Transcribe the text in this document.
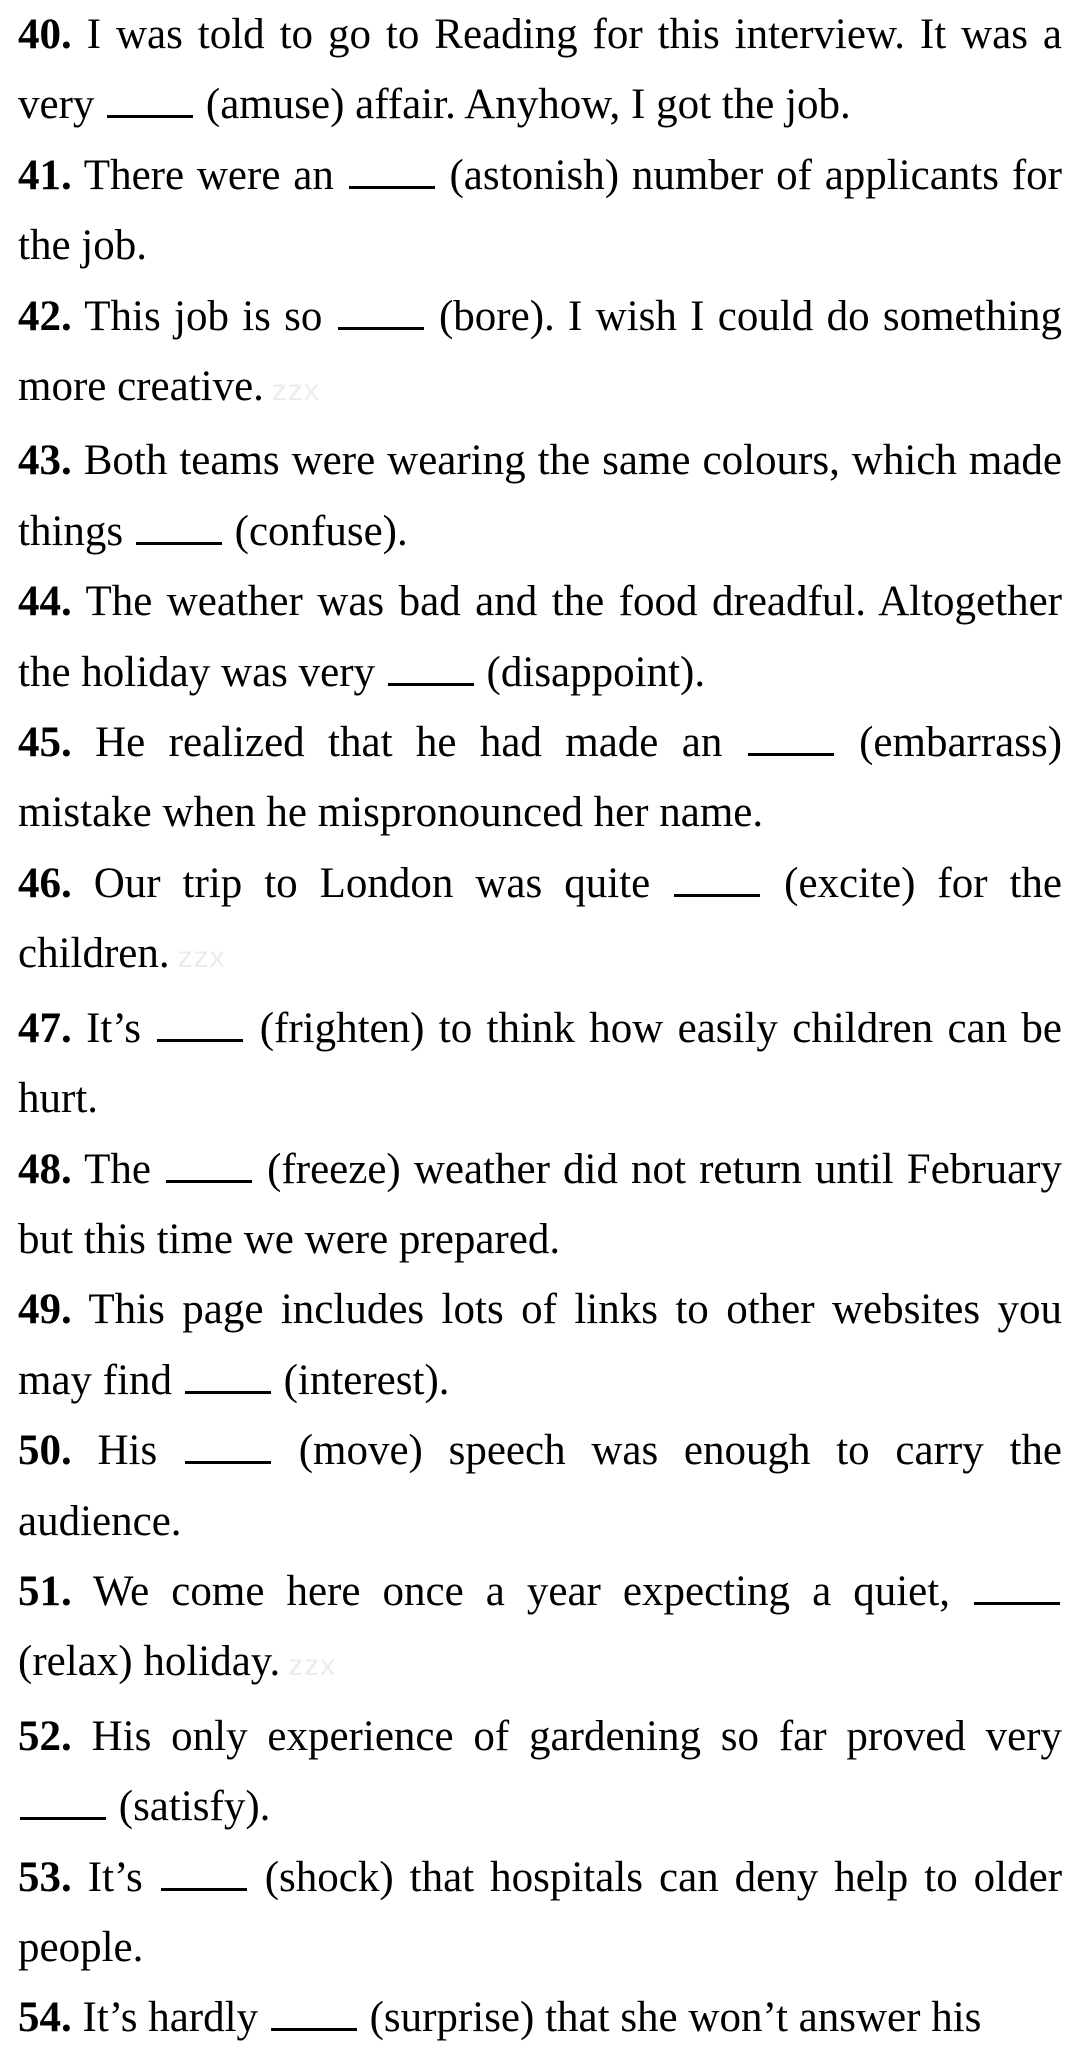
40. I was told to go to Reading for this interview. It was a very	(amuse) affair. Anyhow, I got the job.

41. There were an	(astonish) number of applicants for the job.

42. This job is so	(bore). I wish I could do something more creative. zzx

43. Both teams were wearing the same colours, which made things	(confuse).

44. The weather was bad and the food dreadful. Altogether the holiday was very	(disappoint).

45. He realized that he had made an	(embarrass) mistake when he mispronounced her name.

46. Our trip to London was quite	(excite) for the children. zzx

47. It’s	(frighten) to think how easily children can be hurt.

48. The	(freeze) weather did not return until February but this time we were prepared.

49. This page includes lots of links to other websites you may find	(interest).

50. His	(move) speech was enough to carry the audience.

51. We come here once a year expecting a quiet,  (relax) holiday. zzx

52. His only experience of gardening so far proved very  (satisfy).

53. It’s	(shock) that hospitals can deny help to older people.

54. It’s hardly	(surprise) that she won’t answer his
